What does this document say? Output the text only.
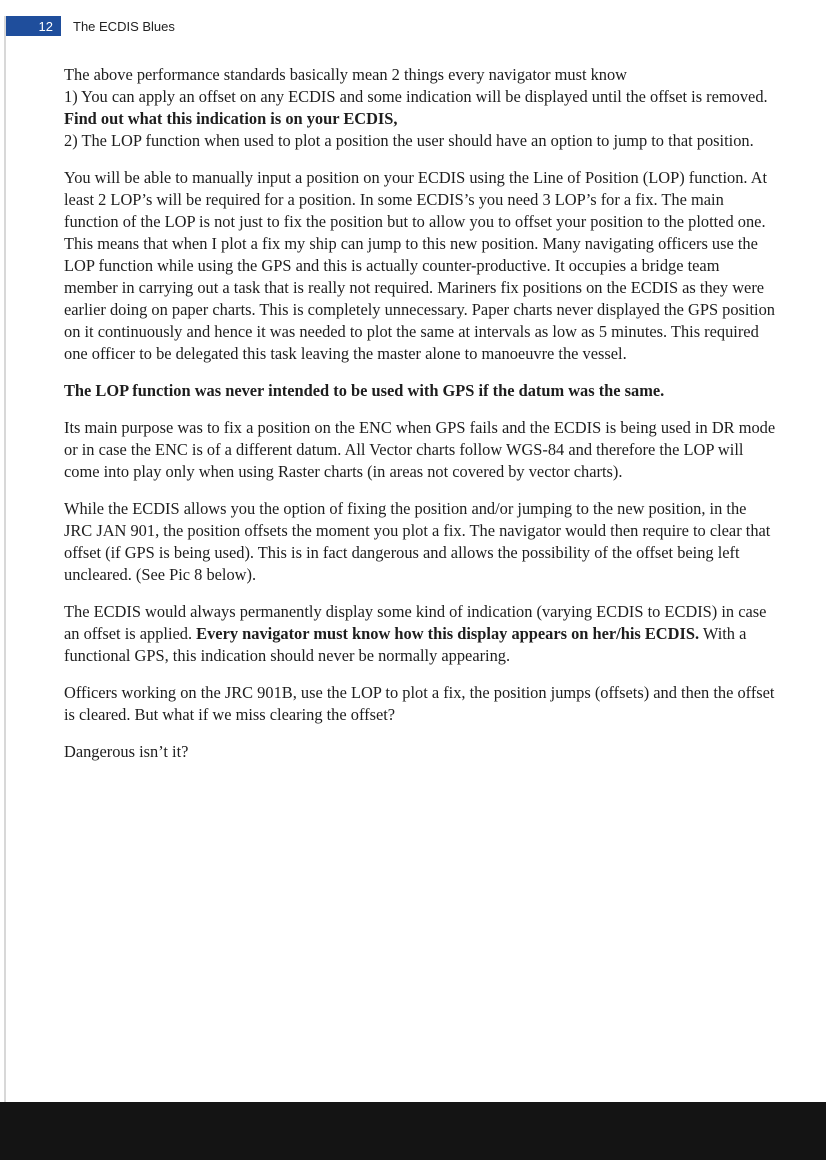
12	The ECDIS Blues

The above performance standards basically mean 2 things every navigator must know
1) You can apply an offset on any ECDIS and some indication will be displayed until the offset is removed. Find out what this indication is on your ECDIS,
2) The LOP function when used to plot a position the user should have an option to jump to that position.

You will be able to manually input a position on your ECDIS using the Line of Position (LOP) function. At least 2 LOP’s will be required for a position. In some ECDIS’s you need 3 LOP’s for a fix. The main function of the LOP is not just to fix the position but to allow you to offset your position to the plotted one. This means that when I plot a fix my ship can jump to this new position. Many navigating officers use the LOP function while using the GPS and this is actually counter-productive. It occupies a bridge team member in carrying out a task that is really not required. Mariners fix positions on the ECDIS as they were earlier doing on paper charts. This is completely unnecessary. Paper charts never displayed the GPS position on it continuously and hence it was needed to plot the same at intervals as low as 5 minutes. This required one officer to be delegated this task leaving the master alone to manoeuvre the vessel.

The LOP function was never intended to be used with GPS if the datum was the same.

Its main purpose was to fix a position on the ENC when GPS fails and the ECDIS is being used in DR mode or in case the ENC is of a different datum. All Vector charts follow WGS-84 and therefore the LOP will come into play only when using Raster charts (in areas not covered by vector charts).

While the ECDIS allows you the option of fixing the position and/or jumping to the new position, in the JRC JAN 901, the position offsets the moment you plot a fix. The navigator would then require to clear that offset (if GPS is being used). This is in fact dangerous and allows the possibility of the offset being left uncleared. (See Pic 8 below).

The ECDIS would always permanently display some kind of indication (varying ECDIS to ECDIS) in case an offset is applied. Every navigator must know how this display appears on her/his ECDIS. With a functional GPS, this indication should never be normally appearing.

Officers working on the JRC 901B, use the LOP to plot a fix, the position jumps (offsets) and then the offset is cleared. But what if we miss clearing the offset?

Dangerous isn’t it?
